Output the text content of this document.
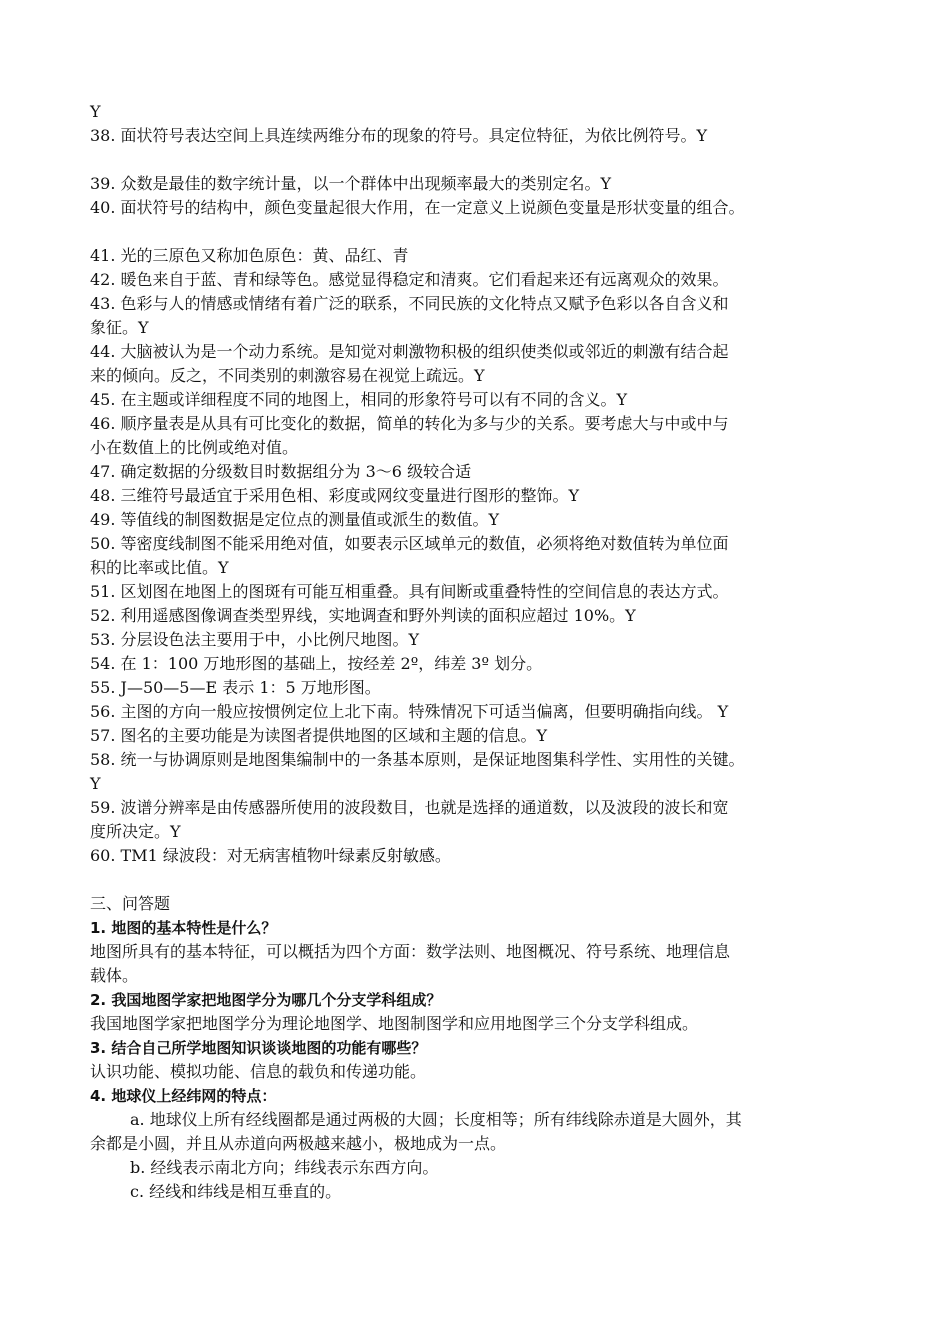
Y

38. 面状符号表达空间上具连续两维分布的现象的符号。具定位特征，为依比例符号。Y

39. 众数是最佳的数字统计量，以一个群体中出现频率最大的类别定名。Y

40. 面状符号的结构中，颜色变量起很大作用，在一定意义上说颜色变量是形状变量的组合。

41. 光的三原色又称加色原色：黄、品红、青

42. 暖色来自于蓝、青和绿等色。感觉显得稳定和清爽。它们看起来还有远离观众的效果。

43. 色彩与人的情感或情绪有着广泛的联系，不同民族的文化特点又赋予色彩以各自含义和

象征。Y

44. 大脑被认为是一个动力系统。是知觉对刺激物积极的组织使类似或邻近的刺激有结合起

来的倾向。反之，不同类别的刺激容易在视觉上疏远。Y

45. 在主题或详细程度不同的地图上，相同的形象符号可以有不同的含义。Y

46. 顺序量表是从具有可比变化的数据，简单的转化为多与少的关系。要考虑大与中或中与

小在数值上的比例或绝对值。

47. 确定数据的分级数目时数据组分为 3～6 级较合适

48. 三维符号最适宜于采用色相、彩度或网纹变量进行图形的整饰。Y

49. 等值线的制图数据是定位点的测量值或派生的数值。Y

50. 等密度线制图不能采用绝对值，如要表示区域单元的数值，必须将绝对数值转为单位面

积的比率或比值。Y

51. 区划图在地图上的图斑有可能互相重叠。具有间断或重叠特性的空间信息的表达方式。

52. 利用遥感图像调查类型界线，实地调查和野外判读的面积应超过 10%。Y

53. 分层设色法主要用于中，小比例尺地图。Y

54. 在 1：100 万地形图的基础上，按经差 2º，纬差 3º 划分。

55. J—50—5—E 表示 1：5 万地形图。

56. 主图的方向一般应按惯例定位上北下南。特殊情况下可适当偏离，但要明确指向线。 Y

57. 图名的主要功能是为读图者提供地图的区域和主题的信息。Y

58. 统一与协调原则是地图集编制中的一条基本原则，是保证地图集科学性、实用性的关键。

Y

59. 波谱分辨率是由传感器所使用的波段数目，也就是选择的通道数，以及波段的波长和宽

度所决定。Y

60. TM1 绿波段：对无病害植物叶绿素反射敏感。

三、问答题

1. 地图的基本特性是什么？

地图所具有的基本特征，可以概括为四个方面：数学法则、地图概况、符号系统、地理信息

载体。

2. 我国地图学家把地图学分为哪几个分支学科组成？

我国地图学家把地图学分为理论地图学、地图制图学和应用地图学三个分支学科组成。

3. 结合自己所学地图知识谈谈地图的功能有哪些？

认识功能、模拟功能、信息的载负和传递功能。

4. 地球仪上经纬网的特点：

a. 地球仪上所有经线圈都是通过两极的大圆；长度相等；所有纬线除赤道是大圆外，其

余都是小圆，并且从赤道向两极越来越小，极地成为一点。

b. 经线表示南北方向；纬线表示东西方向。

c. 经线和纬线是相互垂直的。
